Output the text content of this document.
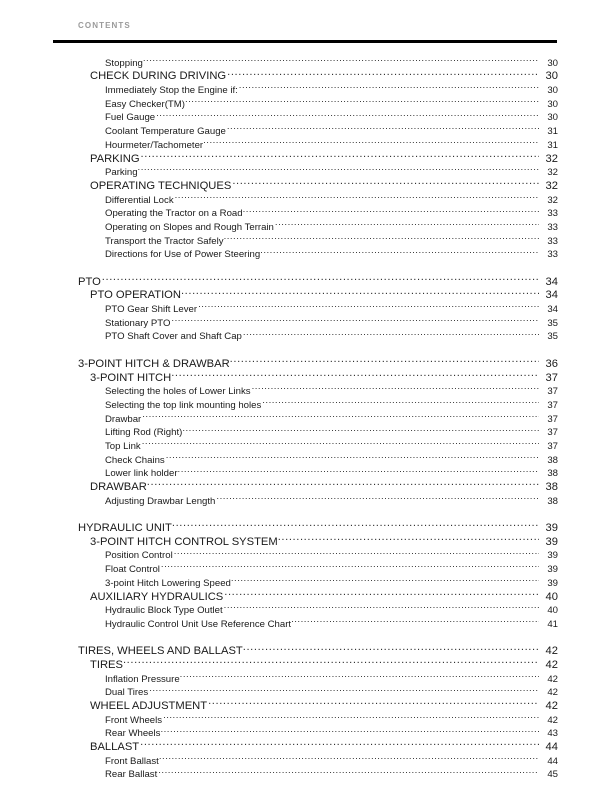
CONTENTS
Stopping .....	30
CHECK DURING DRIVING .....	30
Immediately Stop the Engine if: .....	30
Easy Checker(TM) .....	30
Fuel Gauge .....	30
Coolant Temperature Gauge .....	31
Hourmeter/Tachometer .....	31
PARKING .....	32
Parking .....	32
OPERATING TECHNIQUES .....	32
Differential Lock .....	32
Operating the Tractor on a Road .....	33
Operating on Slopes and Rough Terrain .....	33
Transport the Tractor Safely .....	33
Directions for Use of Power Steering .....	33
PTO .....	34
PTO OPERATION .....	34
PTO Gear Shift Lever .....	34
Stationary PTO .....	35
PTO Shaft Cover and Shaft Cap .....	35
3-POINT HITCH & DRAWBAR .....	36
3-POINT HITCH .....	37
Selecting the holes of Lower Links .....	37
Selecting the top link mounting holes .....	37
Drawbar .....	37
Lifting Rod (Right) .....	37
Top Link .....	37
Check Chains .....	38
Lower link holder .....	38
DRAWBAR .....	38
Adjusting Drawbar Length .....	38
HYDRAULIC UNIT .....	39
3-POINT HITCH CONTROL SYSTEM .....	39
Position Control .....	39
Float Control .....	39
3-point Hitch Lowering Speed .....	39
AUXILIARY HYDRAULICS .....	40
Hydraulic Block Type Outlet .....	40
Hydraulic Control Unit Use Reference Chart .....	41
TIRES, WHEELS AND BALLAST .....	42
TIRES .....	42
Inflation Pressure .....	42
Dual Tires .....	42
WHEEL ADJUSTMENT .....	42
Front Wheels .....	42
Rear Wheels .....	43
BALLAST .....	44
Front Ballast .....	44
Rear Ballast .....	45
